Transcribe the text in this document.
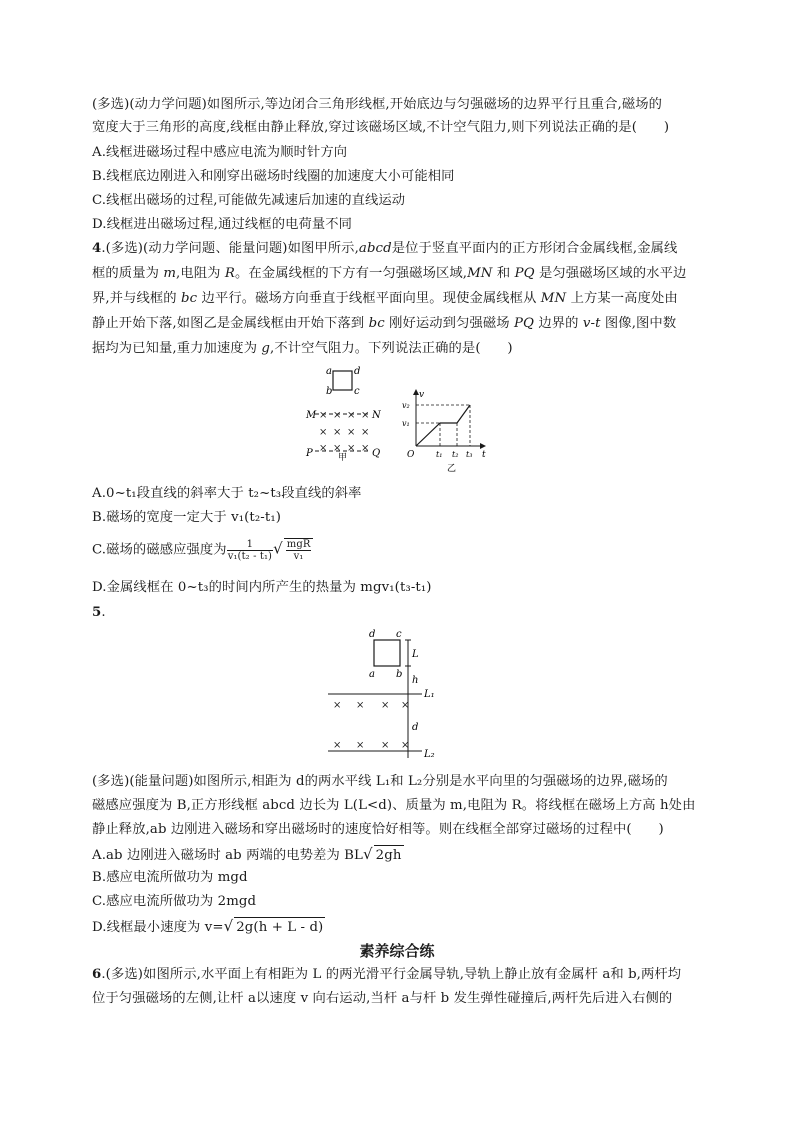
(多选)(动力学问题)如图所示,等边闭合三角形线框,开始底边与匀强磁场的边界平行且重合,磁场的
宽度大于三角形的高度,线框由静止释放,穿过该磁场区域,不计空气阻力,则下列说法正确的是(　　)
A.线框进磁场过程中感应电流为顺时针方向
B.线框底边刚进入和刚穿出磁场时线圈的加速度大小可能相同
C.线框出磁场的过程,可能做先减速后加速的直线运动
D.线框进出磁场过程,通过线框的电荷量不同
4.(多选)(动力学问题、能量问题)如图甲所示,abcd是位于竖直平面内的正方形闭合金属线框,金属线
框的质量为 m,电阻为 R。在金属线框的下方有一匀强磁场区域,MN 和 PQ 是匀强磁场区域的水平边
界,并与线框的 bc 边平行。磁场方向垂直于线框平面向里。现使金属线框从 MN 上方某一高度处由
静止开始下落,如图乙是金属线框由开始下落到 bc 刚好运动到匀强磁场 PQ 边界的 v-t 图像,图中数
据均为已知量,重力加速度为 g,不计空气阻力。下列说法正确的是(　　)
a d
b c
M	N
× × × ×
× × × ×
× × × ×
P	Q
甲
v
t
O
v₂
v₁
t₁ t₂ t₃
乙
A.0~t₁段直线的斜率大于 t₂~t₃段直线的斜率
B.磁场的宽度一定大于 v₁(t₂-t₁)
C.磁场的磁感应强度为 $\frac{1}{\text{v₁(t₂ - t₁)}}$ √ $\frac{\text{mgR}}{\text{v₁}}$
D.金属线框在 0~t₃的时间内所产生的热量为 mgv₁(t₃-t₁)
5.
d c
a b
L
h
L₁
d
× × × ×
× × × ×
L₂
(多选)(能量问题)如图所示,相距为 d的两水平线 L₁和 L₂分别是水平向里的匀强磁场的边界,磁场的
磁感应强度为 B,正方形线框 abcd 边长为 L(L<d)、质量为 m,电阻为 R。将线框在磁场上方高 h处由
静止释放,ab 边刚进入磁场和穿出磁场时的速度恰好相等。则在线框全部穿过磁场的过程中(　　)
A.ab 边刚进入磁场时 ab 两端的电势差为 BL√ 2gh
B.感应电流所做功为 mgd
C.感应电流所做功为 2mgd
D.线框最小速度为 v=√ 2g(h + L - d)
素养综合练
6.(多选)如图所示,水平面上有相距为 L 的两光滑平行金属导轨,导轨上静止放有金属杆 a和 b,两杆均
位于匀强磁场的左侧,让杆 a以速度 v 向右运动,当杆 a与杆 b 发生弹性碰撞后,两杆先后进入右侧的
